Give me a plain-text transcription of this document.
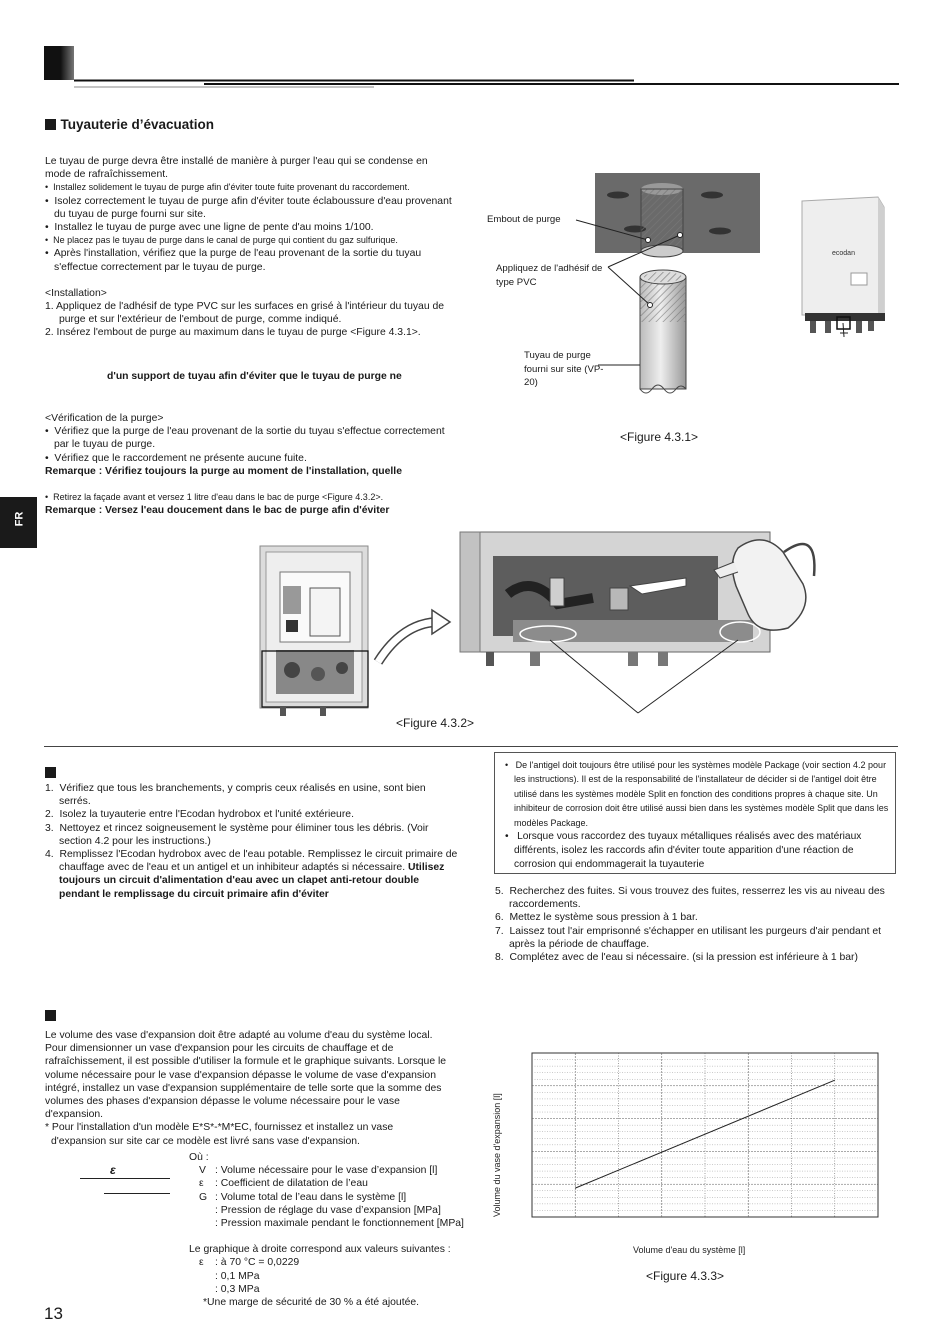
FR
Tuyauterie d’évacuation
Le tuyau de purge devra être installé de manière à purger l'eau qui se condense en mode de rafraîchissement.
•  Installez solidement le tuyau de purge afin d'éviter toute fuite provenant du raccordement.
•  Isolez correctement le tuyau de purge afin d'éviter toute éclaboussure d'eau provenant du tuyau de purge fourni sur site.
•  Installez le tuyau de purge avec une ligne de pente d'au moins 1/100.
•  Ne placez pas le tuyau de purge dans le canal de purge qui contient du gaz sulfurique.
•  Après l'installation, vérifiez que la purge de l'eau provenant de la sortie du tuyau s'effectue correctement par le tuyau de purge.
<Installation>
1. Appliquez de l'adhésif de type PVC sur les surfaces en grisé à l'intérieur du tuyau de purge et sur l'extérieur de l'embout de purge, comme indiqué.
2. Insérez l'embout de purge au maximum dans le tuyau de purge <Figure 4.3.1>.
d'un support de tuyau afin d'éviter que le tuyau de purge ne
<Vérification de la purge>
•  Vérifiez que la purge de l'eau provenant de la sortie du tuyau s'effectue correctement par le tuyau de purge.
•  Vérifiez que le raccordement ne présente aucune fuite.
Remarque : Vérifiez toujours la purge au moment de l'installation, quelle
•  Retirez la façade avant et versez 1 litre d'eau dans le bac de purge <Figure 4.3.2>.
Remarque : Versez l'eau doucement dans le bac de purge afin d'éviter
ecodan
Embout de purge
Appliquez de l'adhésif de type PVC
Tuyau de purge fourni sur site (VP-20)
<Figure 4.3.1>
<Figure 4.3.2>
1. Vérifiez que tous les branchements, y compris ceux réalisés en usine, sont bien serrés.
2. Isolez la tuyauterie entre l'Ecodan hydrobox et l'unité extérieure.
3. Nettoyez et rincez soigneusement le système pour éliminer tous les débris. (Voir section 4.2 pour les instructions.)
4. Remplissez l'Ecodan hydrobox avec de l'eau potable. Remplissez le circuit primaire de chauffage avec de l'eau et un antigel et un inhibiteur adaptés si nécessaire. Utilisez toujours un circuit d'alimentation d'eau avec un clapet anti-retour double pendant le remplissage du circuit primaire afin d'éviter
•   De l'antigel doit toujours être utilisé pour les systèmes modèle Package (voir section 4.2 pour les instructions). Il est de la responsabilité de l'installateur de décider si de l'antigel doit être utilisé dans les systèmes modèle Split en fonction des conditions propres à chaque site. Un inhibiteur de corrosion doit être utilisé aussi bien dans les systèmes modèle Split que dans les modèles Package.
•   Lorsque vous raccordez des tuyaux métalliques réalisés avec des matériaux différents, isolez les raccords afin d'éviter toute apparition d'une réaction de corrosion qui endommagerait la tuyauterie
5. Recherchez des fuites. Si vous trouvez des fuites, resserrez les vis au niveau des raccordements.
6. Mettez le système sous pression à 1 bar.
7. Laissez tout l'air emprisonné s'échapper en utilisant les purgeurs d'air pendant et après la période de chauffage.
8. Complétez avec de l'eau si nécessaire. (si la pression est inférieure à 1 bar)
Le volume des vase d'expansion doit être adapté au volume d'eau du système local. Pour dimensionner un vase d'expansion pour les circuits de chauffage et de rafraîchissement, il est possible d'utiliser la formule et le graphique suivants. Lorsque le volume nécessaire pour le vase d'expansion dépasse le volume de vase d'expansion intégré, installez un vase d'expansion supplémentaire de telle sorte que la somme des volumes des phases d'expansion dépasse le volume nécessaire pour le vase d'expansion.
* Pour l'installation d'un modèle E*S*-*M*EC, fournissez et installez un vase d'expansion sur site car ce modèle est livré sans vase d'expansion.
ε
Où :
V : Volume nécessaire pour le vase d’expansion [l]
ε	: Coefficient de dilatation de l’eau
G : Volume total de l’eau dans le système [l]
: Pression de réglage du vase d’expansion [MPa]
: Pression maximale pendant le fonctionnement [MPa]
Le graphique à droite correspond aux valeurs suivantes :
ε	: à 70 °C = 0,0229
: 0,1 MPa
: 0,3 MPa
*Une marge de sécurité de 30 % a été ajoutée.
Volume du vase d'expansion [l]
Volume d'eau du système [l]
<Figure 4.3.3>
13
